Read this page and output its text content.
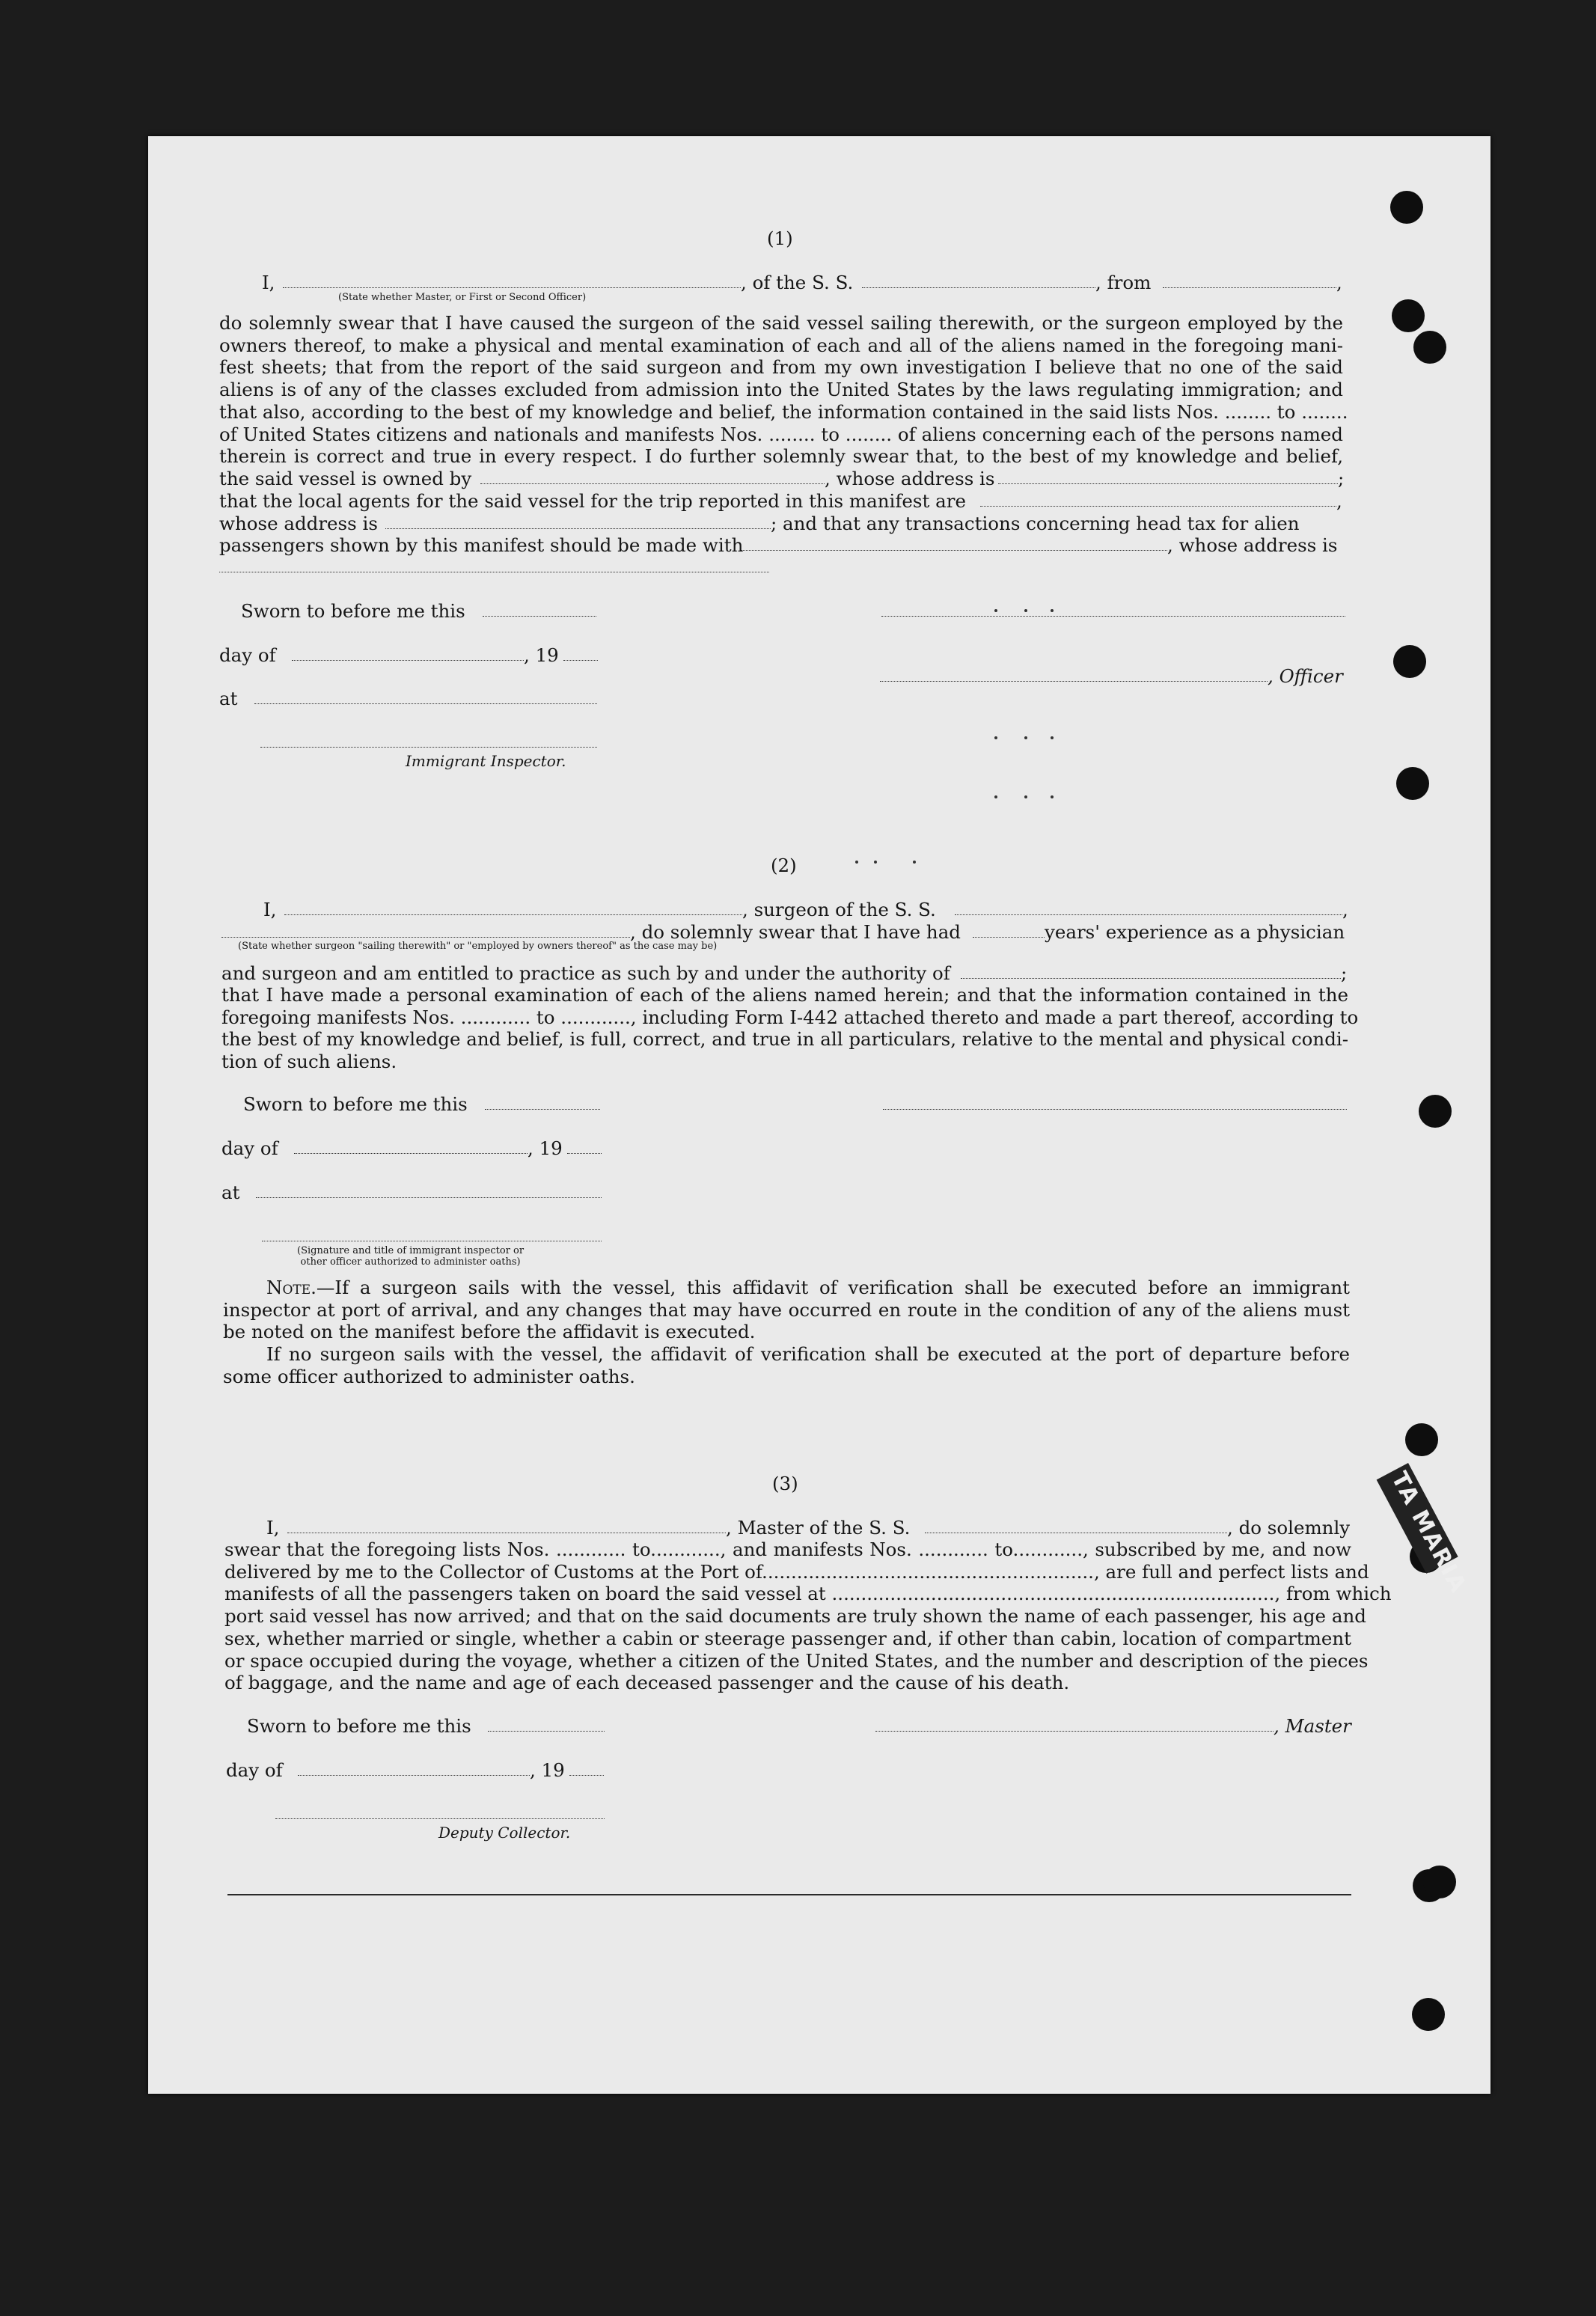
TA MARIA
(1)
I,	, of the S. S.	, from	,
(State whether Master, or First or Second Officer)
do solemnly swear that I have caused the surgeon of the said vessel sailing therewith, or the surgeon employed by the
owners thereof, to make a physical and mental examination of each and all of the aliens named in the foregoing mani-
fest sheets; that from the report of the said surgeon and from my own investigation I believe that no one of the said
aliens is of any of the classes excluded from admission into the United States by the laws regulating immigration; and
that also, according to the best of my knowledge and belief, the information contained in the said lists Nos. ........ to ........
of United States citizens and nationals and manifests Nos. ........ to ........ of aliens concerning each of the persons named
therein is correct and true in every respect. I do further solemnly swear that, to the best of my knowledge and belief,
the said vessel is owned by	, whose address is	;
that the local agents for the said vessel for the trip reported in this manifest are	,
whose address is	; and that any transactions concerning head tax for alien
passengers shown by this manifest should be made with	, whose address is
Sworn to before me this
day of	, 19
, Officer
at
Immigrant Inspector.
(2)
I,	, surgeon of the S. S.	,
, do solemnly swear that I have had	years' experience as a physician
(State whether surgeon "sailing therewith" or "employed by owners thereof" as the case may be)
and surgeon and am entitled to practice as such by and under the authority of	;
that I have made a personal examination of each of the aliens named herein; and that the information contained in the
foregoing manifests Nos. ............ to ............, including Form I-442 attached thereto and made a part thereof, according to
the best of my knowledge and belief, is full, correct, and true in all particulars, relative to the mental and physical condi-
tion of such aliens.
Sworn to before me this
day of	, 19
at
(Signature and title of immigrant inspector or
other officer authorized to administer oaths)
Note.—If a surgeon sails with the vessel, this affidavit of verification shall be executed before an immigrant
inspector at port of arrival, and any changes that may have occurred en route in the condition of any of the aliens must
be noted on the manifest before the affidavit is executed.
If no surgeon sails with the vessel, the affidavit of verification shall be executed at the port of departure before
some officer authorized to administer oaths.
(3)
I,	, Master of the S. S.	, do solemnly
swear that the foregoing lists Nos. ............ to............, and manifests Nos. ............ to............, subscribed by me, and now
delivered by me to the Collector of Customs at the Port of........................................................., are full and perfect lists and
manifests of all the passengers taken on board the said vessel at ............................................................................, from which
port said vessel has now arrived; and that on the said documents are truly shown the name of each passenger, his age and
sex, whether married or single, whether a cabin or steerage passenger and, if other than cabin, location of compartment
or space occupied during the voyage, whether a citizen of the United States, and the number and description of the pieces
of baggage, and the name and age of each deceased passenger and the cause of his death.
Sworn to before me this	, Master
day of	, 19
Deputy Collector.
